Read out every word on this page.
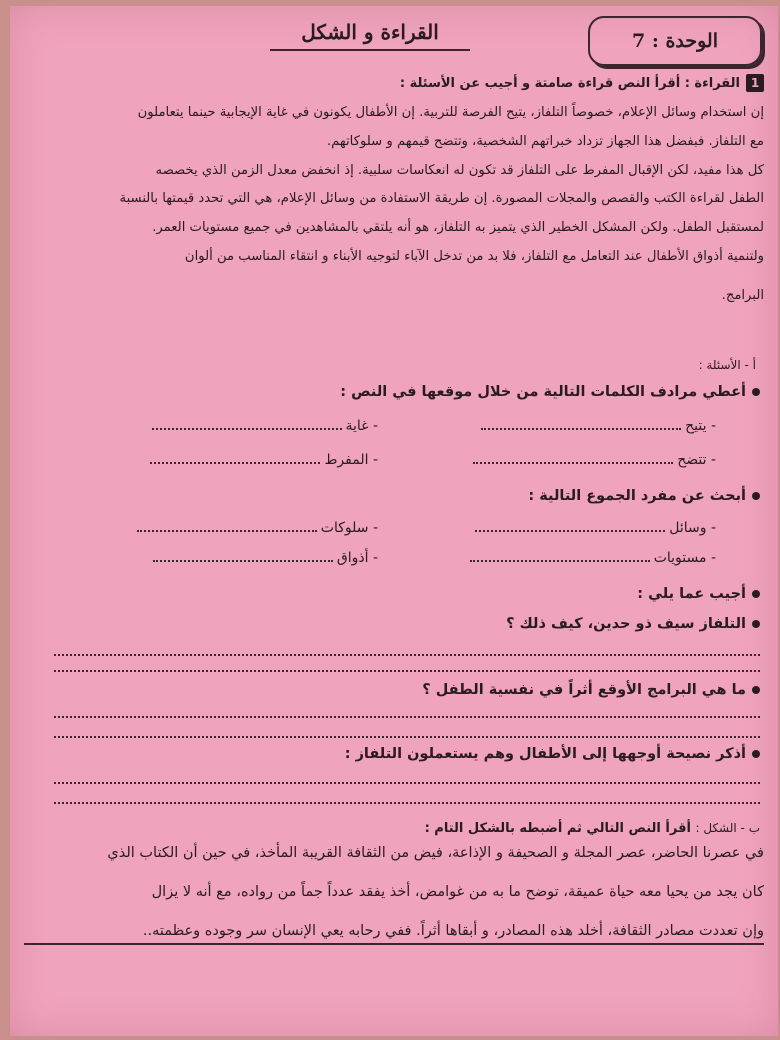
الوحدة : 7
القراءة و الشكل
1
القراءة : أقرأ النص قراءة صامتة و أجيب عن الأسئلة :

إن استخدام وسائل الإعلام، خصوصاً التلفاز، يتيح الفرصة للتربية. إن الأطفال يكونون في غاية الإيجابية حينما يتعاملون

مع التلفاز. فبفضل هذا الجهاز تزداد خبراتهم الشخصية، وتتضح قيمهم و سلوكاتهم.

كل هذا مفيد، لكن الإقبال المفرط على التلفاز قد تكون له انعكاسات سلبية. إذ انخفض معدل الزمن الذي يخصصه

الطفل لقراءة الكتب والقصص والمجلات المصورة. إن طريقة الاستفادة من وسائل الإعلام، هي التي تحدد قيمتها بالنسبة

لمستقبل الطفل. ولكن المشكل الخطير الذي يتميز به التلفاز، هو أنه يلتقي بالمشاهدين في جميع مستويات العمر.

ولتنمية أذواق الأطفال عند التعامل مع التلفاز، فلا بد من تدخل الآباء لتوجيه الأبناء و انتقاء المناسب من ألوان

البرامج.

أ - الأسئلة :
أعطي مرادف الكلمات التالية من خلال موقعها في النص :
- يتيح
- غاية
- تتضح
- المفرط
أبحث عن مفرد الجموع التالية :
- وسائل
- سلوكات
- مستويات
- أذواق
أجيب عما يلي :
التلفاز سيف ذو حدين، كيف ذلك ؟
ما هي البرامج الأوقع أثراً في نفسية الطفل ؟
أذكر نصيحة أوجهها إلى الأطفال وهم يستعملون التلفاز :
ب - الشكل : أقرأ النص التالي ثم أضبطه بالشكل التام :

في عصرنا الحاضر، عصر المجلة و الصحيفة و الإذاعة، فيض من الثقافة القريبة المأخذ، في حين أن الكتاب الذي

كان يجد من يحيا معه حياة عميقة، توضح ما به من غوامض، أخذ يفقد عدداً جماً من رواده، مع أنه لا يزال

وإن تعددت مصادر الثقافة، أخلد هذه المصادر، و أبقاها أثراً. ففي رحابه يعي الإنسان سر وجوده وعظمته..
